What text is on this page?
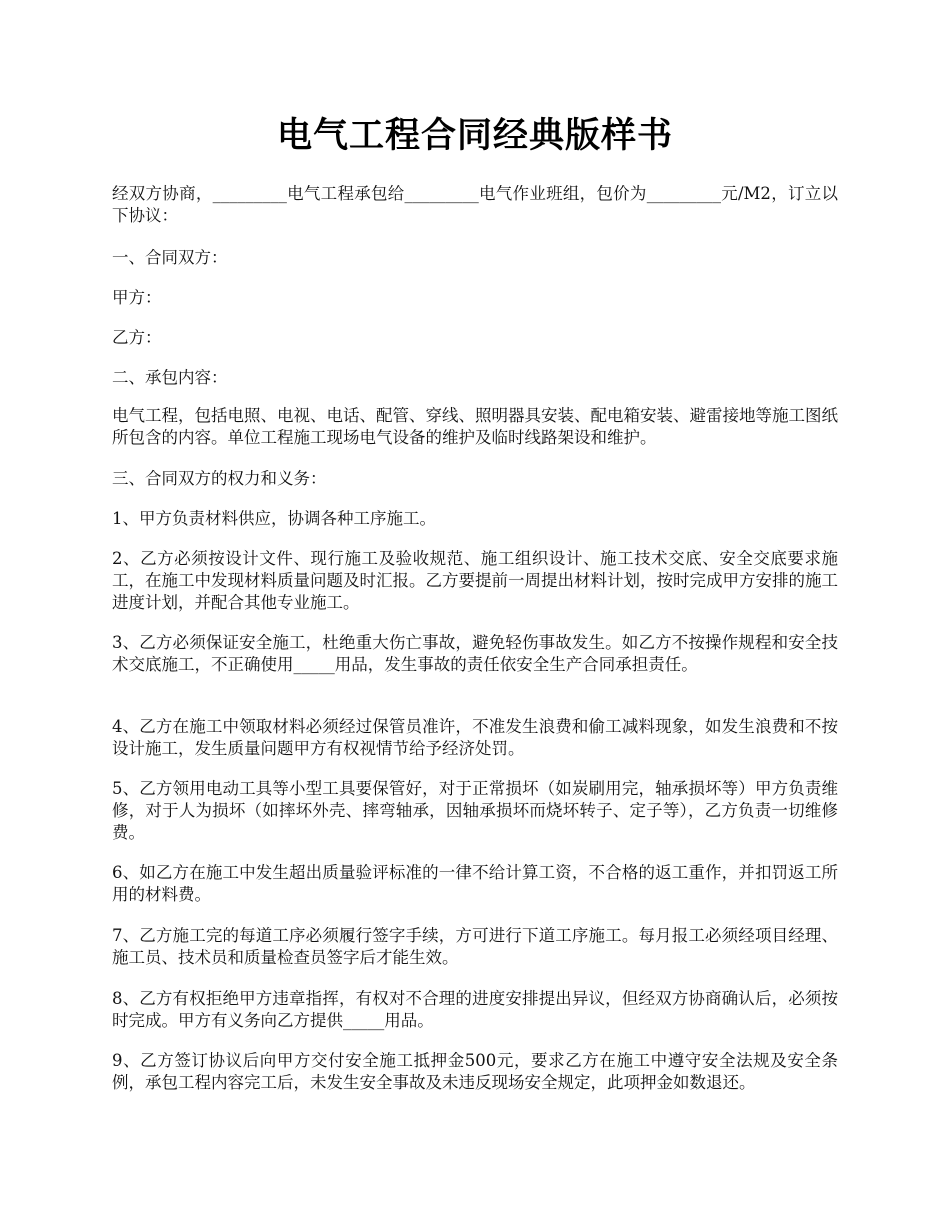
电气工程合同经典版样书
经双方协商，_________电气工程承包给_________电气作业班组，包价为_________元/M2，订立以下协议：
一、合同双方：
甲方：
乙方：
二、承包内容：
电气工程，包括电照、电视、电话、配管、穿线、照明器具安装、配电箱安装、避雷接地等施工图纸所包含的内容。单位工程施工现场电气设备的维护及临时线路架设和维护。
三、合同双方的权力和义务：
1、甲方负责材料供应，协调各种工序施工。
2、乙方必须按设计文件、现行施工及验收规范、施工组织设计、施工技术交底、安全交底要求施工，在施工中发现材料质量问题及时汇报。乙方要提前一周提出材料计划，按时完成甲方安排的施工进度计划，并配合其他专业施工。
3、乙方必须保证安全施工，杜绝重大伤亡事故，避免轻伤事故发生。如乙方不按操作规程和安全技术交底施工，不正确使用_____用品，发生事故的责任依安全生产合同承担责任。
4、乙方在施工中领取材料必须经过保管员准许，不准发生浪费和偷工减料现象，如发生浪费和不按设计施工，发生质量问题甲方有权视情节给予经济处罚。
5、乙方领用电动工具等小型工具要保管好，对于正常损坏（如炭刷用完，轴承损坏等）甲方负责维修，对于人为损坏（如摔坏外壳、摔弯轴承，因轴承损坏而烧坏转子、定子等），乙方负责一切维修费。
6、如乙方在施工中发生超出质量验评标准的一律不给计算工资，不合格的返工重作，并扣罚返工所用的材料费。
7、乙方施工完的每道工序必须履行签字手续，方可进行下道工序施工。每月报工必须经项目经理、施工员、技术员和质量检查员签字后才能生效。
8、乙方有权拒绝甲方违章指挥，有权对不合理的进度安排提出异议，但经双方协商确认后，必须按时完成。甲方有义务向乙方提供_____用品。
9、乙方签订协议后向甲方交付安全施工抵押金500元，要求乙方在施工中遵守安全法规及安全条例，承包工程内容完工后，未发生安全事故及未违反现场安全规定，此项押金如数退还。
